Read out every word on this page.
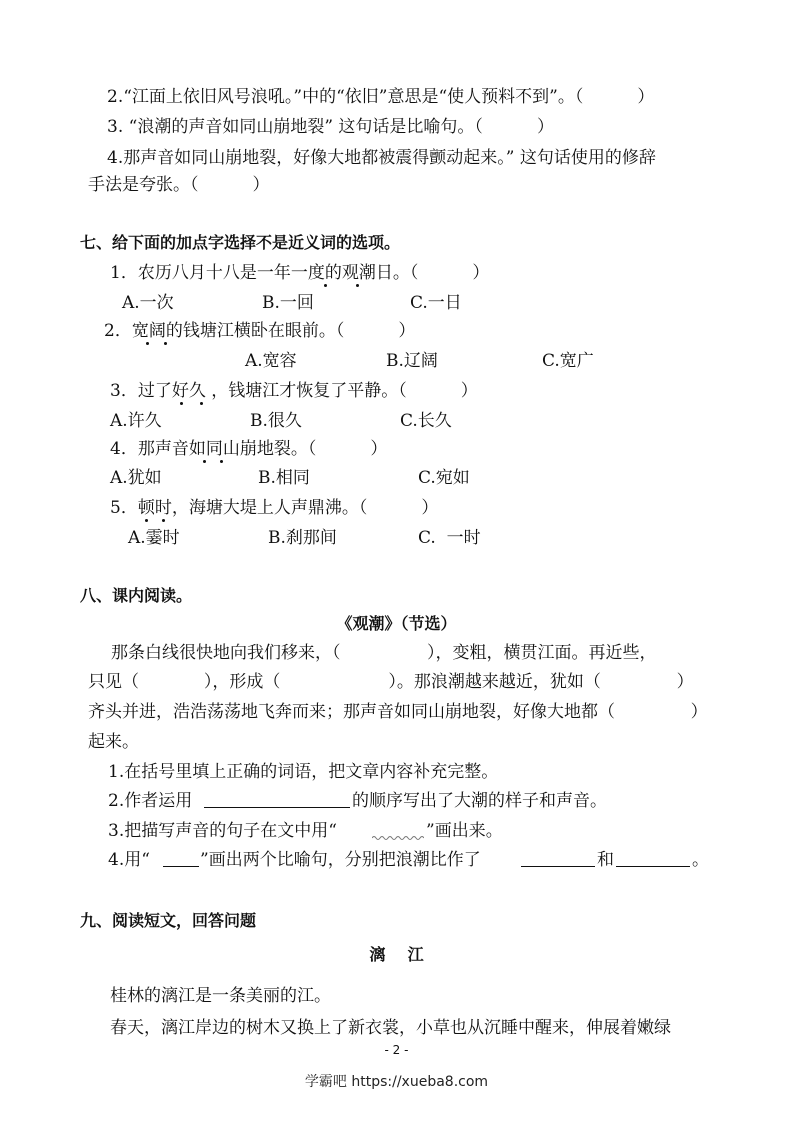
2.“江面上依旧风号浪吼。”中的“依旧”意思是“使人预料不到”。（          ）
3. “浪潮的声音如同山崩地裂” 这句话是比喻句。（          ）
4.那声音如同山崩地裂，好像大地都被震得颤动起来。” 这句话使用的修辞
手法是夸张。（          ）
七、给下面的加点字选择不是近义词的选项。
1．农历八月十八是一年一度的观潮日。（          ）
A.一次	B.一回	C.一日
2．宽阔的钱塘江横卧在眼前。（          ）
A.宽容	B.辽阔	C.宽广
3．过了好久 ，钱塘江才恢复了平静。（          ）
A.许久	B.很久	C.长久
4．那声音如同山崩地裂。（          ）
A.犹如	B.相同	C.宛如
5．顿时，海塘大堤上人声鼎沸。（          ）
A.霎时	B.刹那间	C.  一时
八、课内阅读。
《观潮》（节选）
那条白线很快地向我们移来，（                ），变粗，横贯江面。再近些，
只见（            ），形成（                    ）。那浪潮越来越近，犹如（              ）
齐头并进，浩浩荡荡地飞奔而来；那声音如同山崩地裂，好像大地都（              ）
起来。
1.在括号里填上正确的词语，把文章内容补充完整。
2.作者运用	的顺序写出了大潮的样子和声音。
3.把描写声音的句子在文中用“	”画出来。
4.用“	”画出两个比喻句，分别把浪潮比作了	和	。
九、阅读短文，回答问题
漓    江
桂林的漓江是一条美丽的江。
春天，漓江岸边的树木又换上了新衣裳，小草也从沉睡中醒来，伸展着嫩绿
- 2 -
学霸吧 https://xueba8.com
